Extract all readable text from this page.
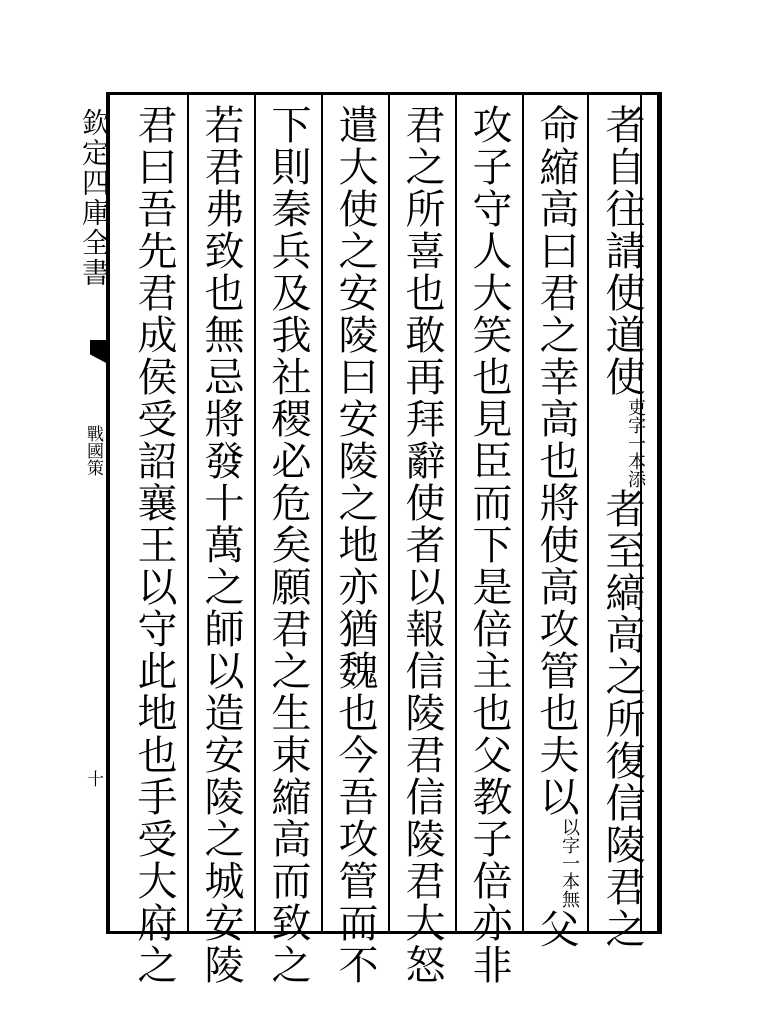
欽定四庫全書
戰國策
十
者自往請使道使
一本添
吏字
者至縞高之所復信陵君之
命縮高曰君之幸高也將使高攻管也夫以
一本無
以字
父
攻子守人大笑也見臣而下是倍主也父教子倍亦非
君之所喜也敢再拜辭使者以報信陵君信陵君大怒
遣大使之安陵曰安陵之地亦猶魏也今吾攻管而不
下則秦兵及我社稷必危矣願君之生束縮高而致之
若君弗致也無忌將發十萬之師以造安陵之城安陵
君曰吾先君成侯受詔襄王以守此地也手受大府之
